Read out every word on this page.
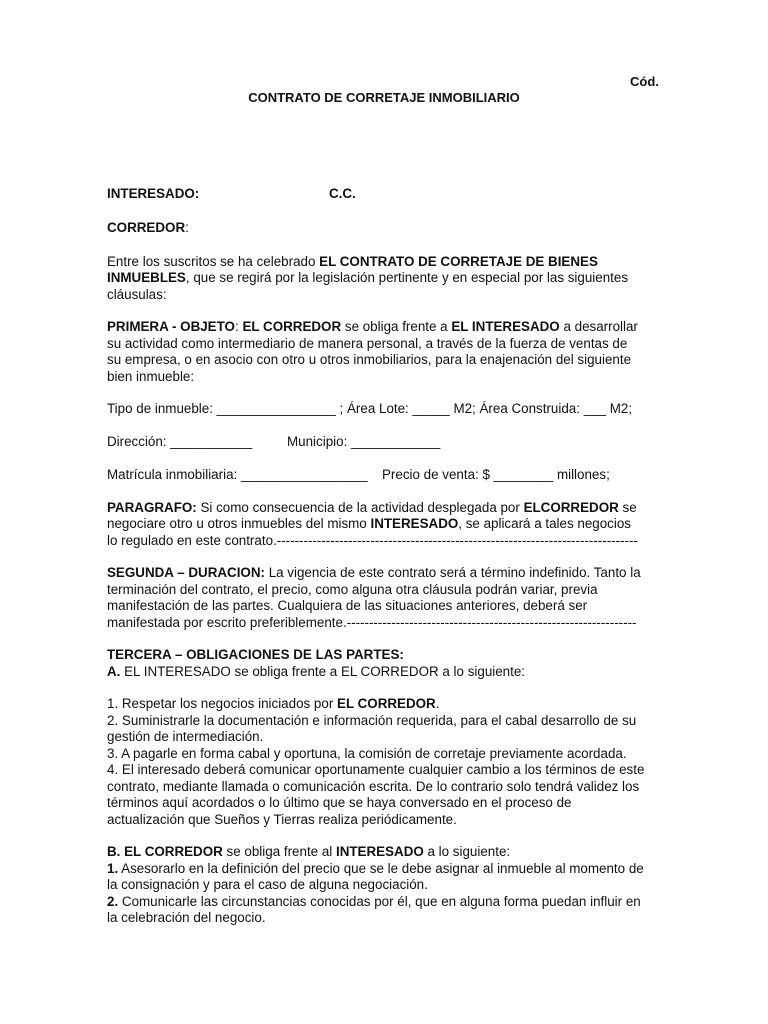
Cód.
CONTRATO DE CORRETAJE INMOBILIARIO
INTERESADO:	C.C.

CORREDOR:

Entre los suscritos se ha celebrado EL CONTRATO DE CORRETAJE DE BIENES

INMUEBLES, que se regirá por la legislación pertinente y en especial por las siguientes

cláusulas:

PRIMERA - OBJETO: EL CORREDOR se obliga frente a EL INTERESADO a desarrollar

su actividad como intermediario de manera personal, a través de la fuerza de ventas de

su empresa, o en asocio con otro u otros inmobiliarios, para la enajenación del siguiente

bien inmueble:

Tipo de inmueble: ________________ ; Área Lote: _____ M2; Área Construida: ___ M2;

Dirección: ___________	Municipio: ____________
Matrícula inmobiliaria: _________________ Precio de venta: $ ________ millones;

PARAGRAFO: Si como consecuencia de la actividad desplegada por ELCORREDOR se

negociare otro u otros inmuebles del mismo INTERESADO, se aplicará a tales negocios

lo regulado en este contrato.---------------------------------------------------------------------------------

SEGUNDA – DURACION: La vigencia de este contrato será a término indefinido. Tanto la

terminación del contrato, el precio, como alguna otra cláusula podrán variar, previa

manifestación de las partes. Cualquiera de las situaciones anteriores, deberá ser

manifestada por escrito preferiblemente.-----------------------------------------------------------------

TERCERA – OBLIGACIONES DE LAS PARTES:

A. EL INTERESADO se obliga frente a EL CORREDOR a lo siguiente:

1. Respetar los negocios iniciados por EL CORREDOR.

2. Suministrarle la documentación e información requerida, para el cabal desarrollo de su

gestión de intermediación.

3. A pagarle en forma cabal y oportuna, la comisión de corretaje previamente acordada.

4. El interesado deberá comunicar oportunamente cualquier cambio a los términos de este

contrato, mediante llamada o comunicación escrita. De lo contrario solo tendrá validez los

términos aquí acordados o lo último que se haya conversado en el proceso de

actualización que Sueños y Tierras realiza periódicamente.

B. EL CORREDOR se obliga frente al INTERESADO a lo siguiente:

1. Asesorarlo en la definición del precio que se le debe asignar al inmueble al momento de

la consignación y para el caso de alguna negociación.

2. Comunicarle las circunstancias conocidas por él, que en alguna forma puedan influir en

la celebración del negocio.
